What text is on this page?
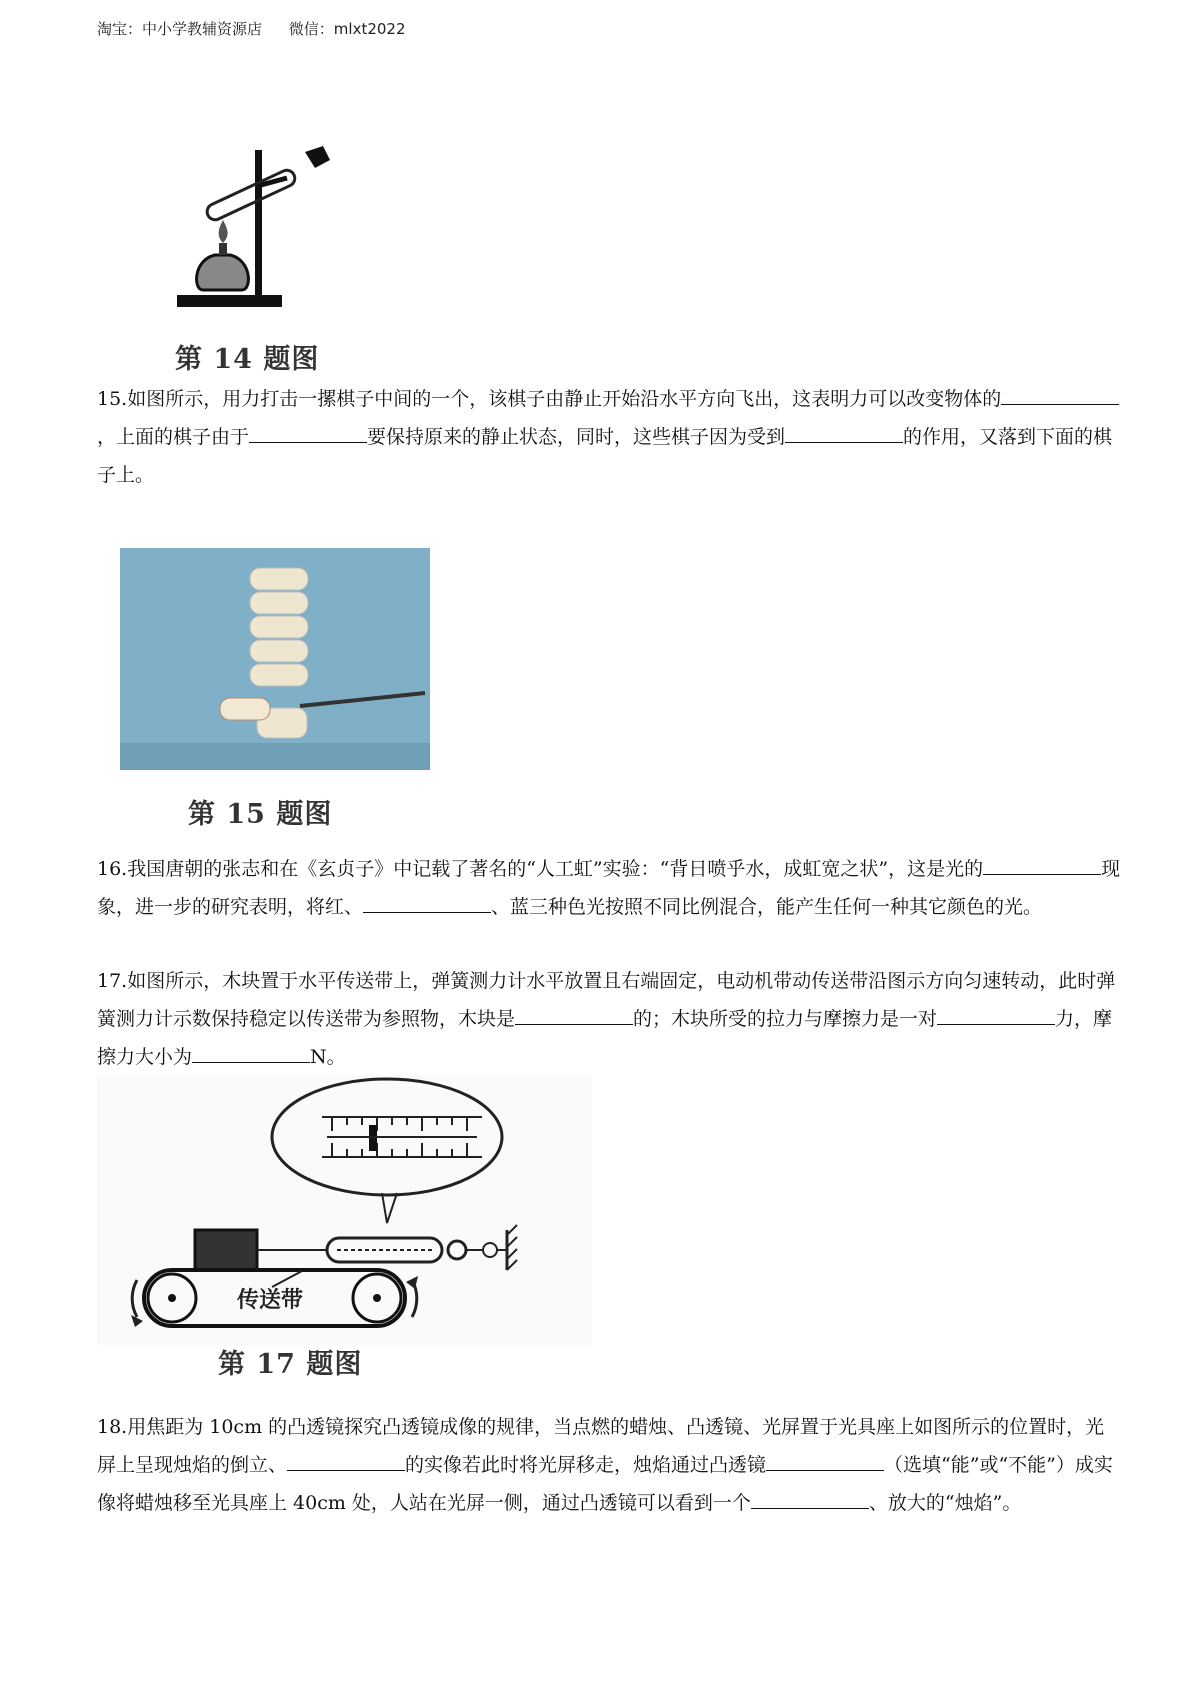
淘宝：中小学教辅资源店 微信：mlxt2022
第 14 题图
15.如图所示，用力打击一摞棋子中间的一个，该棋子由静止开始沿水平方向飞出，这表明力可以改变物体的，上面的棋子由于	要保持原来的静止状态，同时，这些棋子因为受到	的作用，又落到下面的棋子上。
第 15 题图
16.我国唐朝的张志和在《玄贞子》中记载了著名的“人工虹”实验：“背日喷乎水，成虹宽之状”，这是光的	现象，进一步的研究表明，将红、	、蓝三种色光按照不同比例混合，能产生任何一种其它颜色的光。
17.如图所示，木块置于水平传送带上，弹簧测力计水平放置且右端固定，电动机带动传送带沿图示方向匀速转动，此时弹簧测力计示数保持稳定以传送带为参照物，木块是	的；木块所受的拉力与摩擦力是一对	力，摩擦力大小为	N。
传送带
第 17 题图
18.用焦距为 10cm 的凸透镜探究凸透镜成像的规律，当点燃的蜡烛、凸透镜、光屏置于光具座上如图所示的位置时，光屏上呈现烛焰的倒立、	的实像若此时将光屏移走，烛焰通过凸透镜	（选填“能”或“不能”）成实像将蜡烛移至光具座上 40cm 处，人站在光屏一侧，通过凸透镜可以看到一个	、放大的“烛焰”。
